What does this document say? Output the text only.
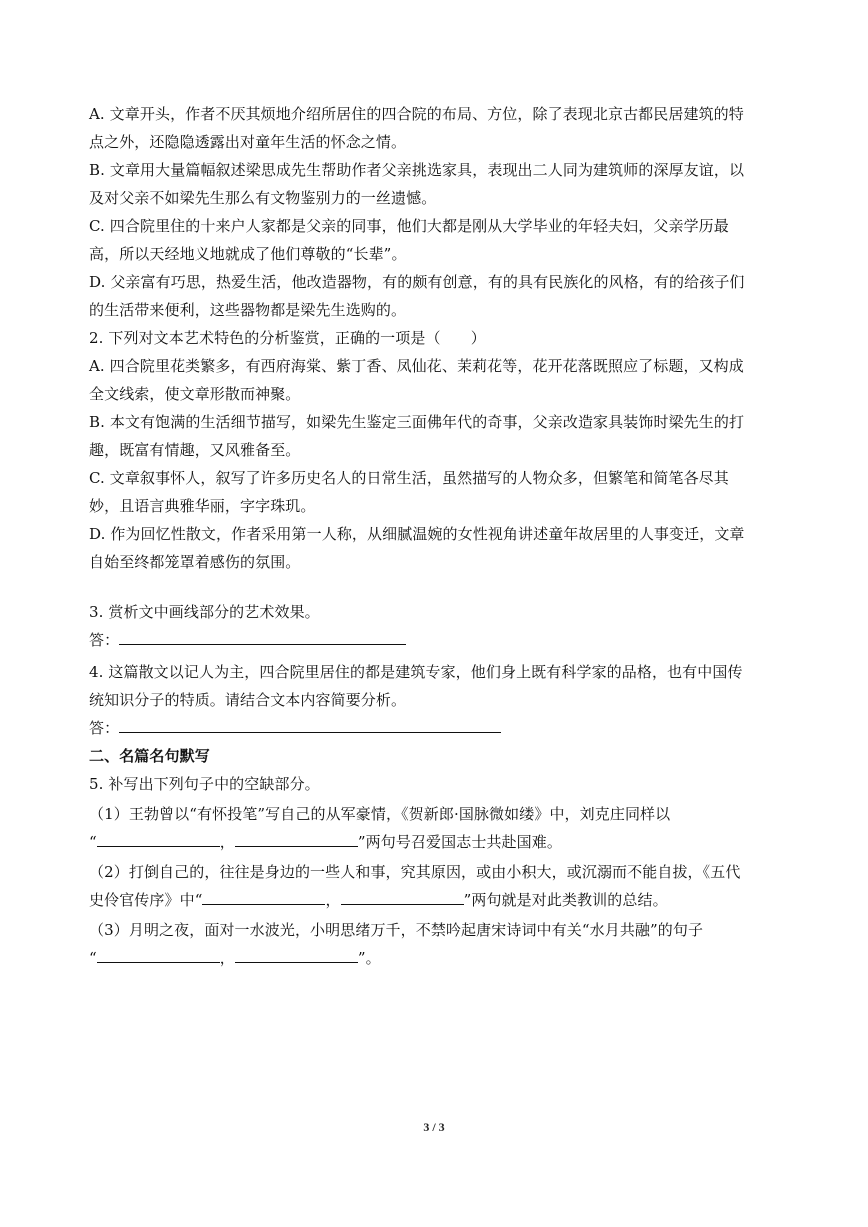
A. 文章开头，作者不厌其烦地介绍所居住的四合院的布局、方位，除了表现北京古都民居建筑的特
点之外，还隐隐透露出对童年生活的怀念之情。
B. 文章用大量篇幅叙述梁思成先生帮助作者父亲挑选家具，表现出二人同为建筑师的深厚友谊，以
及对父亲不如梁先生那么有文物鉴别力的一丝遗憾。
C. 四合院里住的十来户人家都是父亲的同事，他们大都是刚从大学毕业的年轻夫妇，父亲学历最
高，所以天经地义地就成了他们尊敬的“长辈”。
D. 父亲富有巧思，热爱生活，他改造器物，有的颇有创意，有的具有民族化的风格，有的给孩子们
的生活带来便利，这些器物都是梁先生选购的。
2. 下列对文本艺术特色的分析鉴赏，正确的一项是（　　）
A. 四合院里花类繁多，有西府海棠、紫丁香、凤仙花、茉莉花等，花开花落既照应了标题，又构成
全文线索，使文章形散而神聚。
B. 本文有饱满的生活细节描写，如梁先生鉴定三面佛年代的奇事，父亲改造家具装饰时梁先生的打
趣，既富有情趣，又风雅备至。
C. 文章叙事怀人，叙写了许多历史名人的日常生活，虽然描写的人物众多，但繁笔和简笔各尽其
妙，且语言典雅华丽，字字珠玑。
D. 作为回忆性散文，作者采用第一人称，从细腻温婉的女性视角讲述童年故居里的人事变迁，文章
自始至终都笼罩着感伤的氛围。
3. 赏析文中画线部分的艺术效果。
答：
4. 这篇散文以记人为主，四合院里居住的都是建筑专家，他们身上既有科学家的品格，也有中国传
统知识分子的特质。请结合文本内容简要分析。
答：
二、名篇名句默写
5. 补写出下列句子中的空缺部分。
（1）王勃曾以“有怀投笔”写自己的从军豪情，《贺新郎·国脉微如缕》中，刘克庄同样以
“	，	”两句号召爱国志士共赴国难。
（2）打倒自己的，往往是身边的一些人和事，究其原因，或由小积大，或沉溺而不能自拔，《五代
史伶官传序》中“	，	”两句就是对此类教训的总结。
（3）月明之夜，面对一水波光，小明思绪万千，不禁吟起唐宋诗词中有关“水月共融”的句子
“	，	”。
3 / 3
